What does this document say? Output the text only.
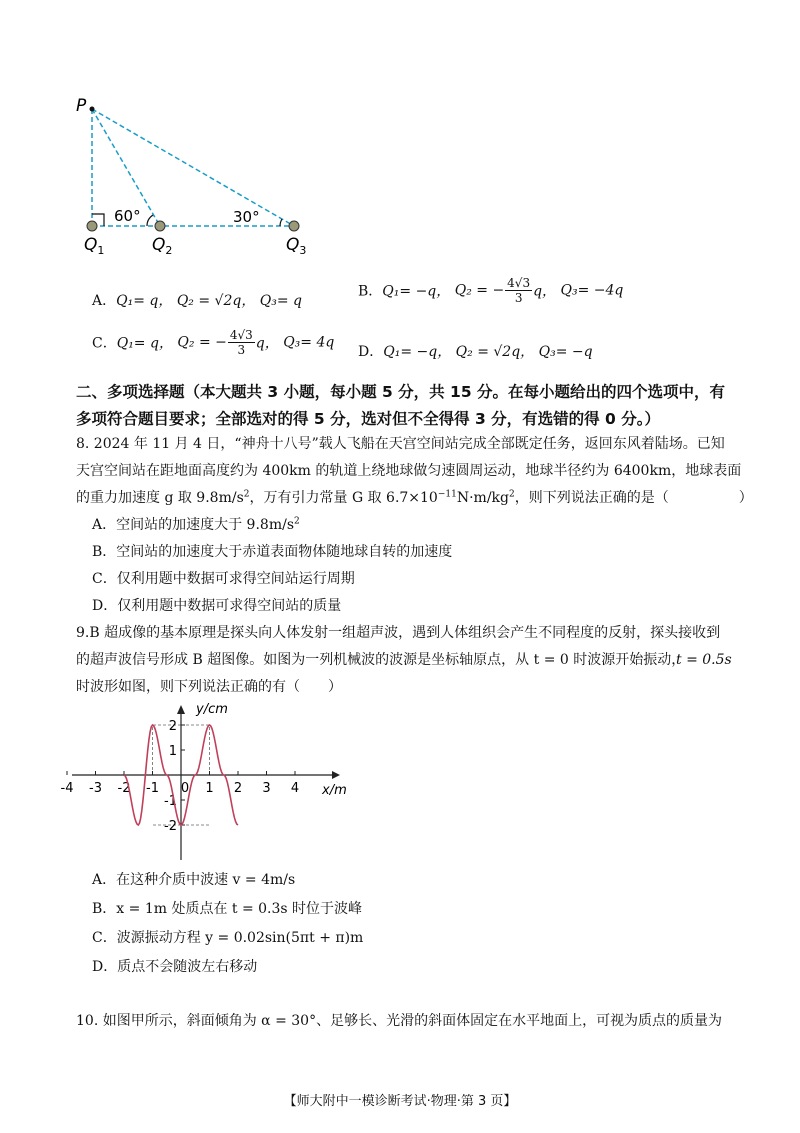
P
60°	30°
$Q_1$	$Q_2$	$Q_3$
A．Q₁= q， Q₂ = √2q， Q₃= q
B．Q₁= −q， Q₂ = − $\frac{4√3}{3}$ q， Q₃= −4q
C．Q₁= q， Q₂ = − $\frac{4√3}{3}$ q， Q₃= 4q
D．Q₁= −q， Q₂ = √2q， Q₃= −q
二、多项选择题（本大题共 3 小题，每小题 5 分，共 15 分。在每小题给出的四个选项中，有
多项符合题目要求；全部选对的得 5 分，选对但不全得得 3 分，有选错的得 0 分。）
8. 2024 年 11 月 4 日，“神舟十八号”载人飞船在天宫空间站完成全部既定任务，返回东风着陆场。已知
天宫空间站在距地面高度约为 400km 的轨道上绕地球做匀速圆周运动，地球半径约为 6400km，地球表面
的重力加速度 g 取 $9.8m/s^2$，万有引力常量 G 取 $6.7\times 10^{-11}N\cdot m/kg^2$，则下列说法正确的是（　　　　　）
A．空间站的加速度大于 $9.8m/s^2$
B．空间站的加速度大于赤道表面物体随地球自转的加速度
C．仅利用题中数据可求得空间站运行周期
D．仅利用题中数据可求得空间站的质量
9.B 超成像的基本原理是探头向人体发射一组超声波，遇到人体组织会产生不同程度的反射，探头接收到
的超声波信号形成 B 超图像。如图为一列机械波的波源是坐标轴原点，从 t = 0 时波源开始振动，
t = 0.5s
时波形如图，则下列说法正确的有（　　）
y/cm
x/m
-4 -3 -2 -1 0 1 2 3 4
2
1
-1
-2
A．在这种介质中波速 v = 4m/s
B．x = 1m 处质点在 t = 0.3s 时位于波峰
C．波源振动方程 y = 0.02sin(5πt + π)m
D．质点不会随波左右移动
10. 如图甲所示，斜面倾角为 α = 30°、足够长、光滑的斜面体固定在水平地面上，可视为质点的质量为
【师大附中一模诊断考试·物理·第 3 页】
